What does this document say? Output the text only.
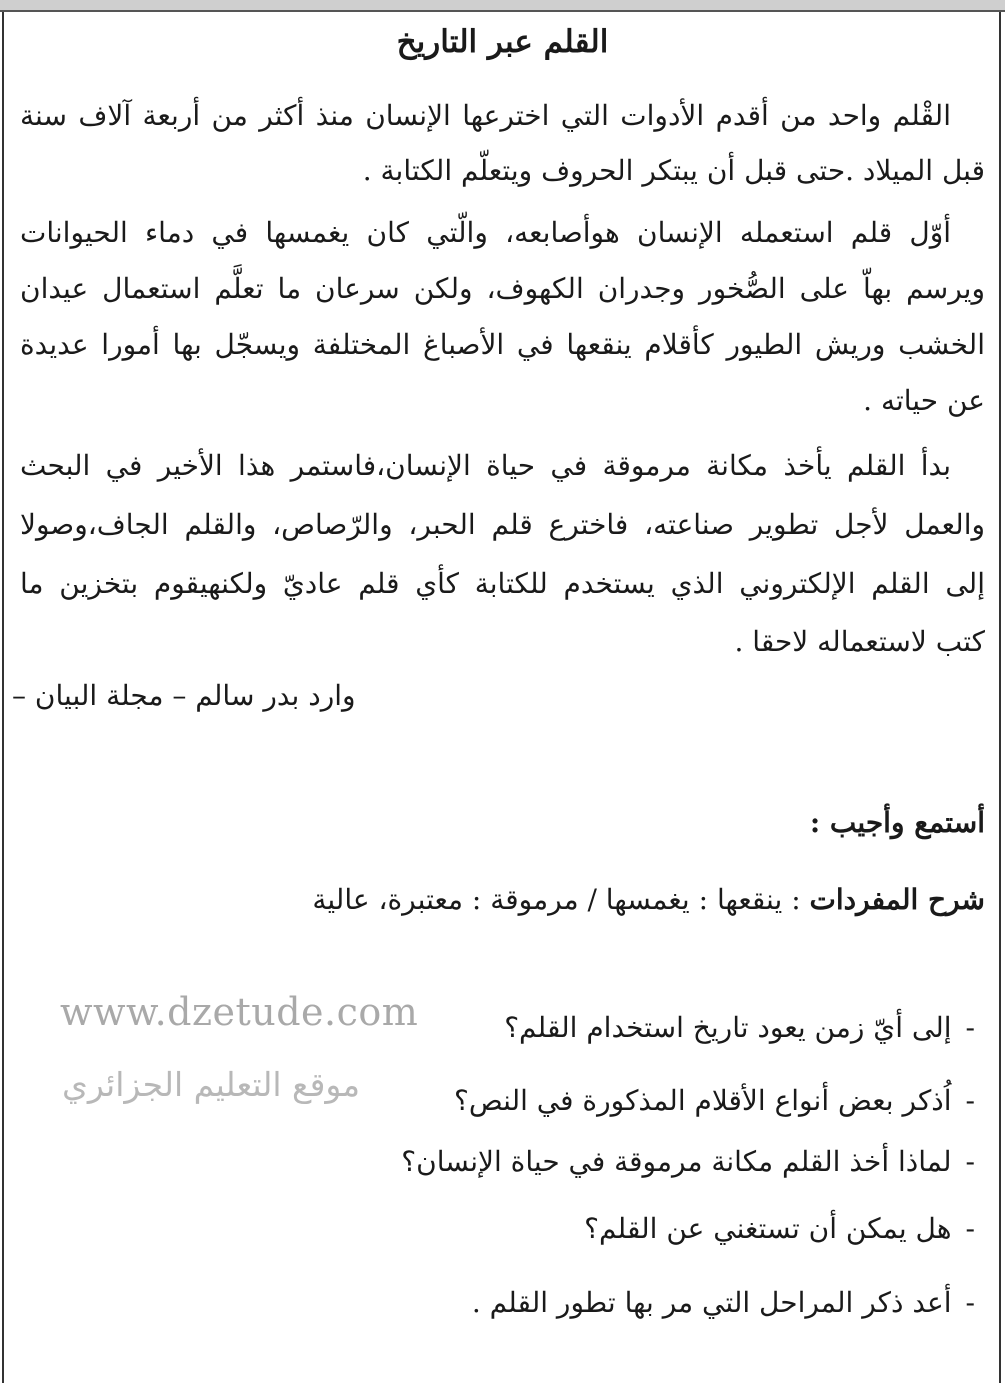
القلم عبر التاريخ
القْلم واحد من أقدم الأدوات التي اخترعها الإنسان منذ أكثر من أربعة آلاف سنة
قبل الميلاد .حتى قبل أن يبتكر الحروف ويتعلّم الكتابة .
أوّل قلم استعمله الإنسان هوأصابعه، والّتي كان يغمسها في دماء الحيوانات
ويرسم بهاّ على الصُّخور وجدران الكهوف، ولكن سرعان ما تعلَّم استعمال عيدان
الخشب وريش الطيور كأقلام ينقعها في الأصباغ المختلفة ويسجّل بها أمورا عديدة
عن حياته .
بدأ القلم يأخذ مكانة مرموقة في حياة الإنسان،فاستمر هذا الأخير في البحث
والعمل لأجل تطوير صناعته، فاخترع قلم الحبر، والرّصاص، والقلم الجاف،وصولا
إلى القلم الإلكتروني الذي يستخدم للكتابة كأي قلم عاديّ ولكنهيقوم بتخزين ما
كتب لاستعماله لاحقا .
وارد بدر سالم – مجلة البيان –
أستمع وأجيب :
شرح المفردات : ينقعها : يغمسها / مرموقة : معتبرة، عالية
www.dzetude.com
موقع التعليم الجزائري
-إلى أيّ زمن يعود تاريخ استخدام القلم؟
-اُذكر بعض أنواع الأقلام المذكورة في النص؟
-لماذا أخذ القلم مكانة مرموقة في حياة الإنسان؟
-هل يمكن أن تستغني عن القلم؟
-أعد ذكر المراحل التي مر بها تطور القلم .
